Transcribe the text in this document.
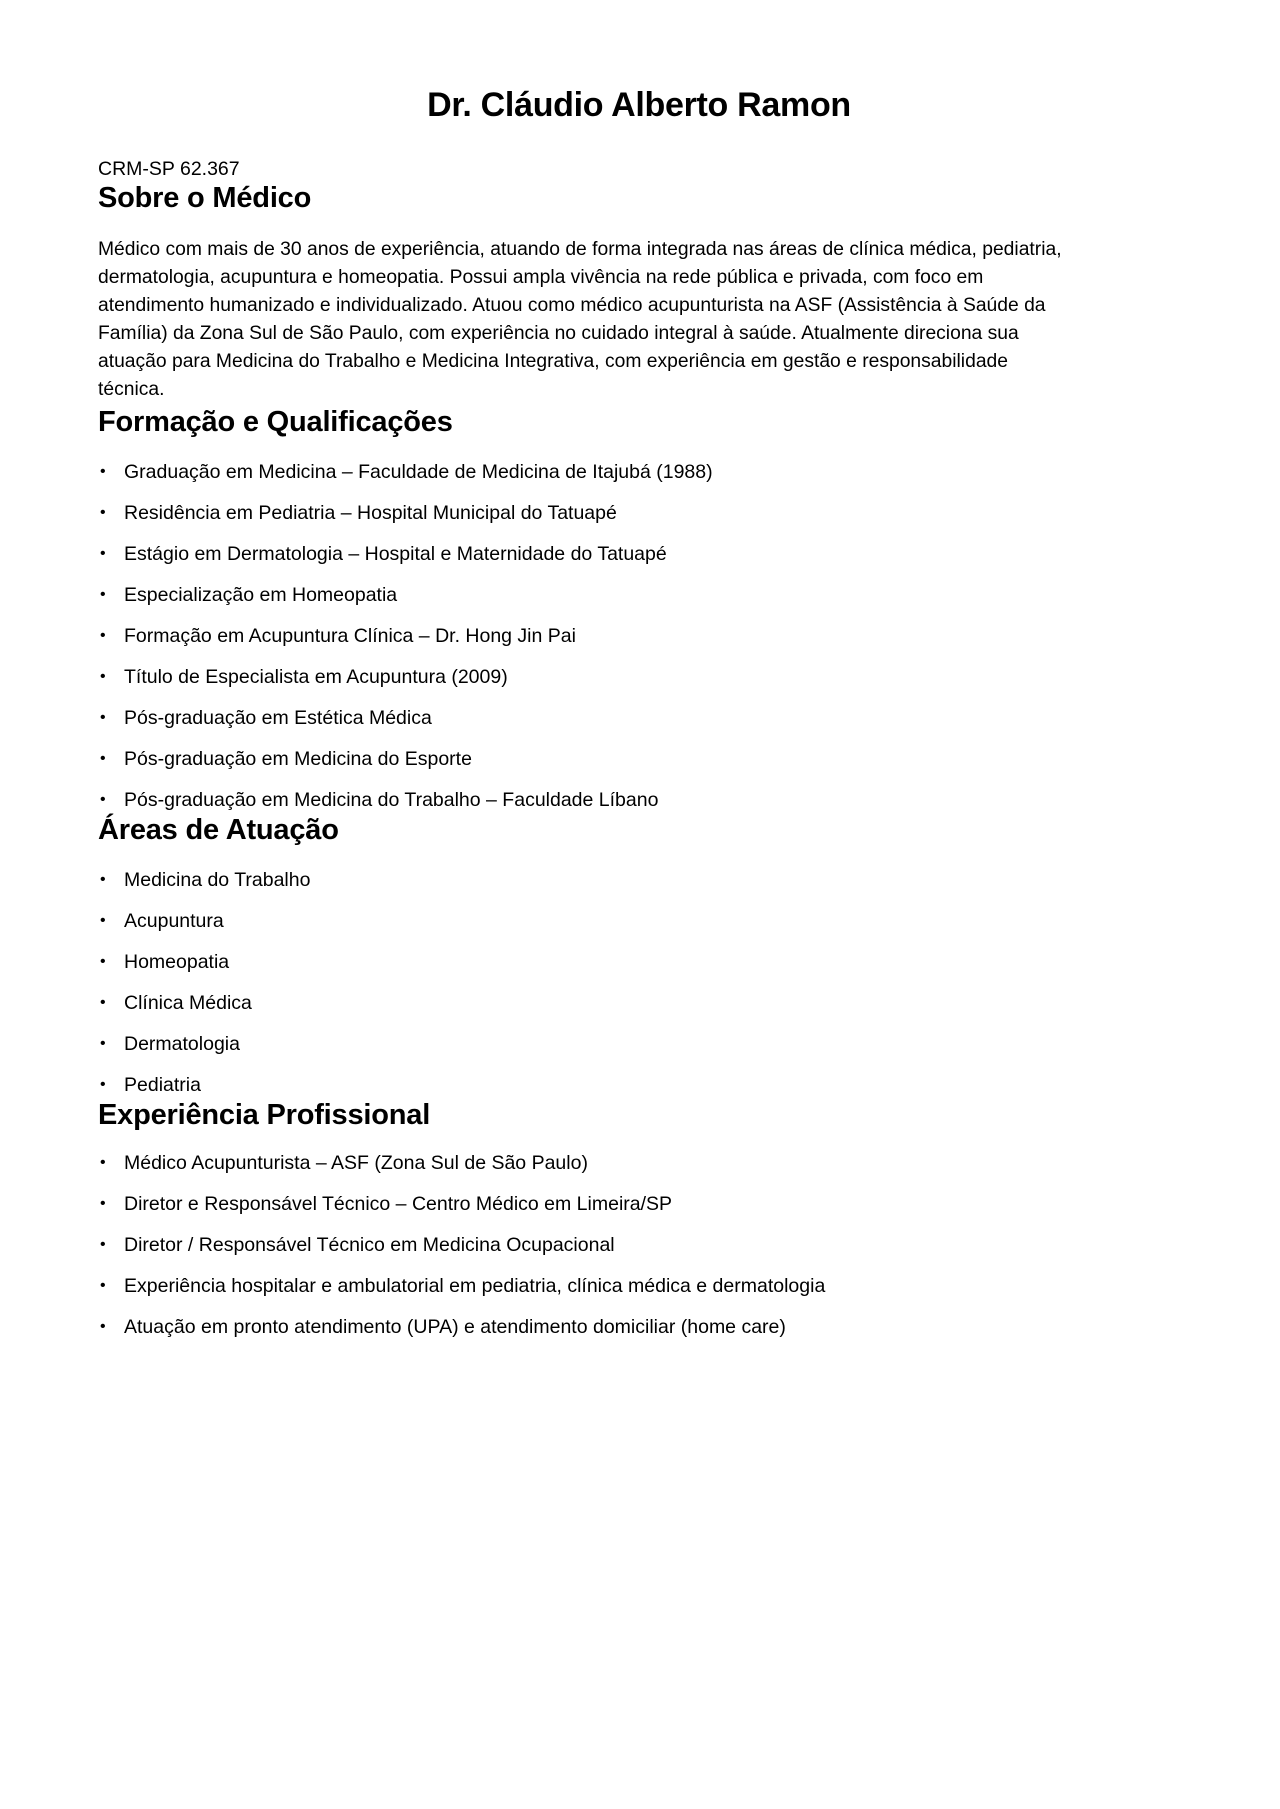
Dr. Cláudio Alberto Ramon
CRM-SP 62.367
Sobre o Médico
Médico com mais de 30 anos de experiência, atuando de forma integrada nas áreas de clínica médica, pediatria,
dermatologia, acupuntura e homeopatia. Possui ampla vivência na rede pública e privada, com foco em
atendimento humanizado e individualizado. Atuou como médico acupunturista na ASF (Assistência à Saúde da
Família) da Zona Sul de São Paulo, com experiência no cuidado integral à saúde. Atualmente direciona sua
atuação para Medicina do Trabalho e Medicina Integrativa, com experiência em gestão e responsabilidade
técnica.
Formação e Qualificações
• Graduação em Medicina – Faculdade de Medicina de Itajubá (1988)
• Residência em Pediatria – Hospital Municipal do Tatuapé
• Estágio em Dermatologia – Hospital e Maternidade do Tatuapé
• Especialização em Homeopatia
• Formação em Acupuntura Clínica – Dr. Hong Jin Pai
• Título de Especialista em Acupuntura (2009)
• Pós-graduação em Estética Médica
• Pós-graduação em Medicina do Esporte
• Pós-graduação em Medicina do Trabalho – Faculdade Líbano
Áreas de Atuação
• Medicina do Trabalho
• Acupuntura
• Homeopatia
• Clínica Médica
• Dermatologia
• Pediatria
Experiência Profissional
• Médico Acupunturista – ASF (Zona Sul de São Paulo)
• Diretor e Responsável Técnico – Centro Médico em Limeira/SP
• Diretor / Responsável Técnico em Medicina Ocupacional
• Experiência hospitalar e ambulatorial em pediatria, clínica médica e dermatologia
• Atuação em pronto atendimento (UPA) e atendimento domiciliar (home care)
